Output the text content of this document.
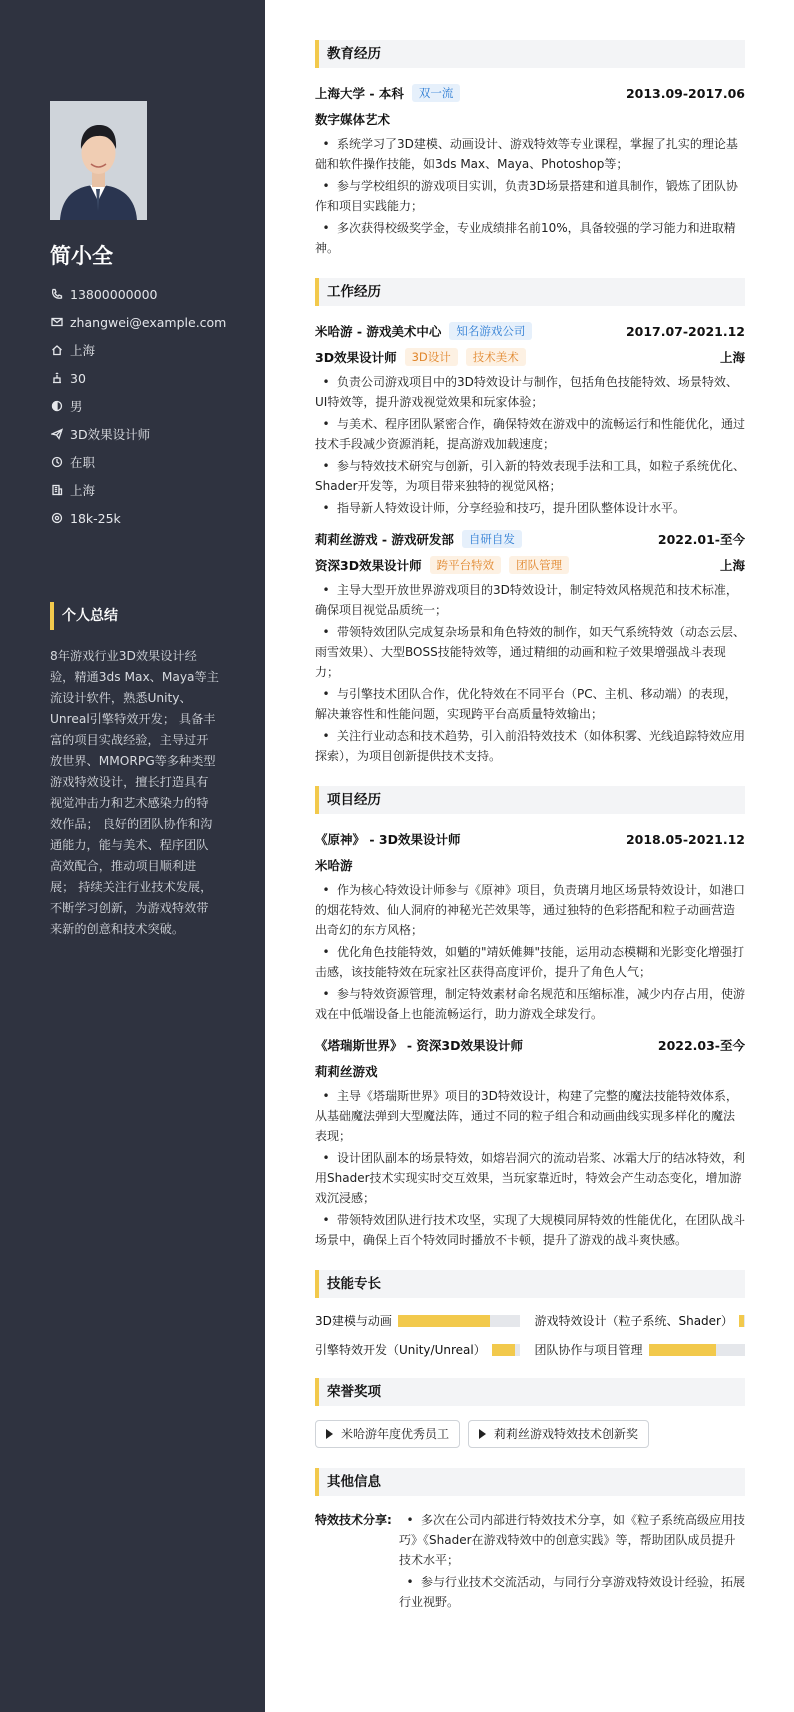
简小全
13800000000
zhangwei@example.com
上海
30
男
3D效果设计师
在职
上海
18k-25k
个人总结
8年游戏行业3D效果设计经验，精通3ds Max、Maya等主流设计软件，熟悉Unity、Unreal引擎特效开发； 具备丰富的项目实战经验，主导过开放世界、MMORPG等多种类型游戏特效设计，擅长打造具有视觉冲击力和艺术感染力的特效作品； 良好的团队协作和沟通能力，能与美术、程序团队高效配合，推动项目顺利进展； 持续关注行业技术发展，不断学习创新，为游戏特效带来新的创意和技术突破。
教育经历
上海大学 - 本科	双一流	2013.09-2017.06
数字媒体艺术
• 系统学习了3D建模、动画设计、游戏特效等专业课程，掌握了扎实的理论基础和软件操作技能，如3ds Max、Maya、Photoshop等；
• 参与学校组织的游戏项目实训，负责3D场景搭建和道具制作，锻炼了团队协作和项目实践能力；
• 多次获得校级奖学金，专业成绩排名前10%，具备较强的学习能力和进取精神。
工作经历
米哈游 - 游戏美术中心	知名游戏公司	2017.07-2021.12
3D效果设计师	3D设计	技术美术	上海
• 负责公司游戏项目中的3D特效设计与制作，包括角色技能特效、场景特效、UI特效等，提升游戏视觉效果和玩家体验；
• 与美术、程序团队紧密合作，确保特效在游戏中的流畅运行和性能优化，通过技术手段减少资源消耗，提高游戏加载速度；
• 参与特效技术研究与创新，引入新的特效表现手法和工具，如粒子系统优化、Shader开发等，为项目带来独特的视觉风格；
• 指导新人特效设计师，分享经验和技巧，提升团队整体设计水平。
莉莉丝游戏 - 游戏研发部	自研自发	2022.01-至今
资深3D效果设计师	跨平台特效	团队管理	上海
• 主导大型开放世界游戏项目的3D特效设计，制定特效风格规范和技术标准，确保项目视觉品质统一；
• 带领特效团队完成复杂场景和角色特效的制作，如天气系统特效（动态云层、雨雪效果）、大型BOSS技能特效等，通过精细的动画和粒子效果增强战斗表现力；
• 与引擎技术团队合作，优化特效在不同平台（PC、主机、移动端）的表现，解决兼容性和性能问题，实现跨平台高质量特效输出；
• 关注行业动态和技术趋势，引入前沿特效技术（如体积雾、光线追踪特效应用探索），为项目创新提供技术支持。
项目经历
《原神》 - 3D效果设计师	2018.05-2021.12
米哈游
• 作为核心特效设计师参与《原神》项目，负责璃月地区场景特效设计，如港口的烟花特效、仙人洞府的神秘光芒效果等，通过独特的色彩搭配和粒子动画营造出奇幻的东方风格；
• 优化角色技能特效，如魈的"靖妖傩舞"技能，运用动态模糊和光影变化增强打击感，该技能特效在玩家社区获得高度评价，提升了角色人气；
• 参与特效资源管理，制定特效素材命名规范和压缩标准，减少内存占用，使游戏在中低端设备上也能流畅运行，助力游戏全球发行。
《塔瑞斯世界》 - 资深3D效果设计师	2022.03-至今
莉莉丝游戏
• 主导《塔瑞斯世界》项目的3D特效设计，构建了完整的魔法技能特效体系，从基础魔法弹到大型魔法阵，通过不同的粒子组合和动画曲线实现多样化的魔法表现；
• 设计团队副本的场景特效，如熔岩洞穴的流动岩浆、冰霜大厅的结冰特效，利用Shader技术实现实时交互效果，当玩家靠近时，特效会产生动态变化，增加游戏沉浸感；
• 带领特效团队进行技术攻坚，实现了大规模同屏特效的性能优化，在团队战斗场景中，确保上百个特效同时播放不卡顿，提升了游戏的战斗爽快感。
技能专长
3D建模与动画	游戏特效设计（粒子系统、Shader）
引擎特效开发（Unity/Unreal）	团队协作与项目管理
荣誉奖项
米哈游年度优秀员工	莉莉丝游戏特效技术创新奖
其他信息
特效技术分享:	• 多次在公司内部进行特效技术分享，如《粒子系统高级应用技巧》《Shader在游戏特效中的创意实践》等，帮助团队成员提升技术水平；
• 参与行业技术交流活动，与同行分享游戏特效设计经验，拓展行业视野。
